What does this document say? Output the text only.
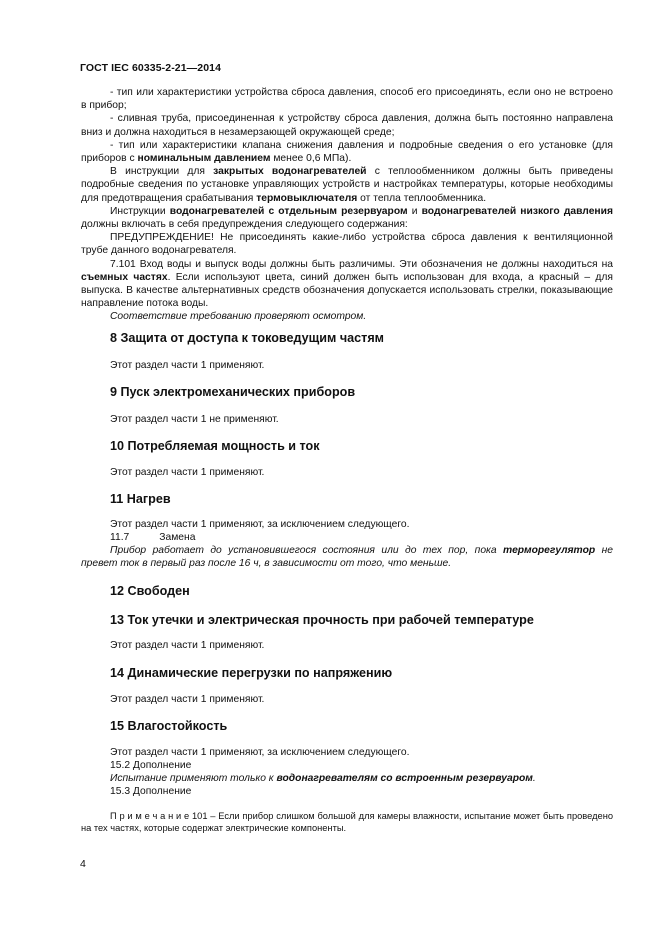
ГОСТ IEC 60335-2-21—2014

- тип или характеристики устройства сброса давления, способ его присоединять, если оно не встроено в прибор;

- сливная труба, присоединенная к устройству сброса давления, должна быть постоянно направлена вниз и должна находиться в незамерзающей окружающей среде;

- тип или характеристики клапана снижения давления и подробные сведения о его установке (для приборов с номинальным давлением менее 0,6 МПа).

В инструкции для закрытых водонагревателей с теплообменником должны быть приведены подробные сведения по установке управляющих устройств и настройках температуры, которые необходимы для предотвращения срабатывания термовыключателя от тепла теплообменника.

Инструкции водонагревателей с отдельным резервуаром и водонагревателей низкого давления должны включать в себя предупреждения следующего содержания:

ПРЕДУПРЕЖДЕНИЕ! Не присоединять какие-либо устройства сброса давления к вентиляционной трубе данного водонагревателя.

7.101 Вход воды и выпуск воды должны быть различимы. Эти обозначения не должны находиться на съемных частях. Если используют цвета, синий должен быть использован для входа, а красный – для выпуска. В качестве альтернативных средств обозначения допускается использовать стрелки, показывающие направление потока воды.

Соответствие требованию проверяют осмотром.

8 Защита от доступа к токоведущим частям

Этот раздел части 1 применяют.

9 Пуск электромеханических приборов

Этот раздел части 1 не применяют.

10 Потребляемая мощность и ток

Этот раздел части 1 применяют.

11 Нагрев

Этот раздел части 1 применяют, за исключением следующего.

11.7	Замена

Прибор работает до установившегося состояния или до тех пор, пока терморегулятор не превет ток в первый раз после 16 ч, в зависимости от того, что меньше.

12 Свободен
13 Ток утечки и электрическая прочность при рабочей температуре

Этот раздел части 1 применяют.

14 Динамические перегрузки по напряжению

Этот раздел части 1 применяют.

15 Влагостойкость

Этот раздел части 1 применяют, за исключением следующего.

15.2 Дополнение

Испытание применяют только к водонагревателям со встроенным резервуаром.

15.3 Дополнение

П р и м е ч а н и е 101 – Если прибор слишком большой для камеры влажности, испытание может быть проведено на тех частях, которые содержат электрические компоненты.

4
